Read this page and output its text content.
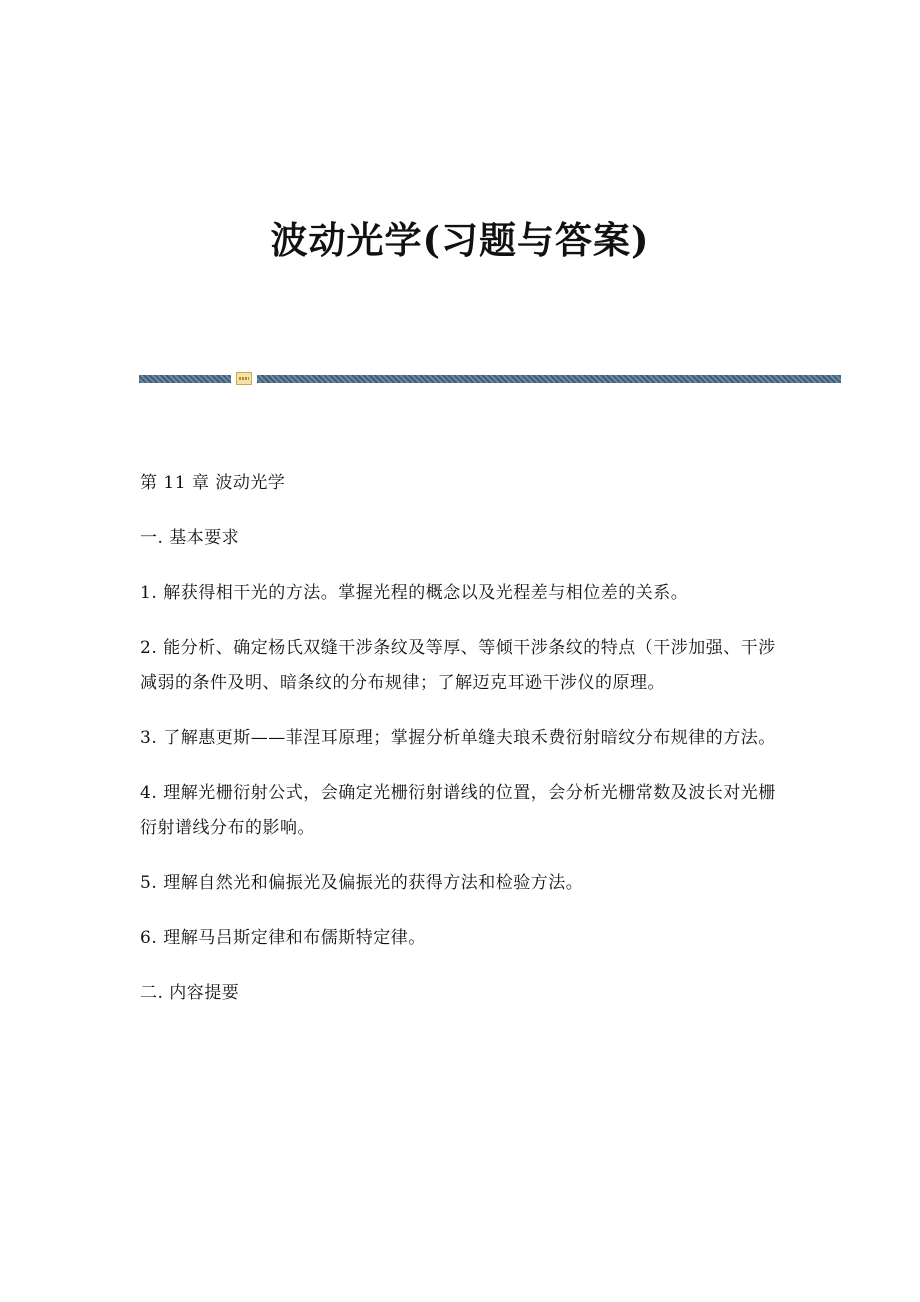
波动光学(习题与答案)

第 11 章 波动光学

一. 基本要求

1. 解获得相干光的方法。掌握光程的概念以及光程差与相位差的关系。

2. 能分析、确定杨氏双缝干涉条纹及等厚、等倾干涉条纹的特点（干涉加强、干涉减弱的条件及明、暗条纹的分布规律；了解迈克耳逊干涉仪的原理。

3. 了解惠更斯——菲涅耳原理；掌握分析单缝夫琅禾费衍射暗纹分布规律的方法。

4. 理解光栅衍射公式，会确定光栅衍射谱线的位置，会分析光栅常数及波长对光栅衍射谱线分布的影响。

5. 理解自然光和偏振光及偏振光的获得方法和检验方法。

6. 理解马吕斯定律和布儒斯特定律。

二. 内容提要
